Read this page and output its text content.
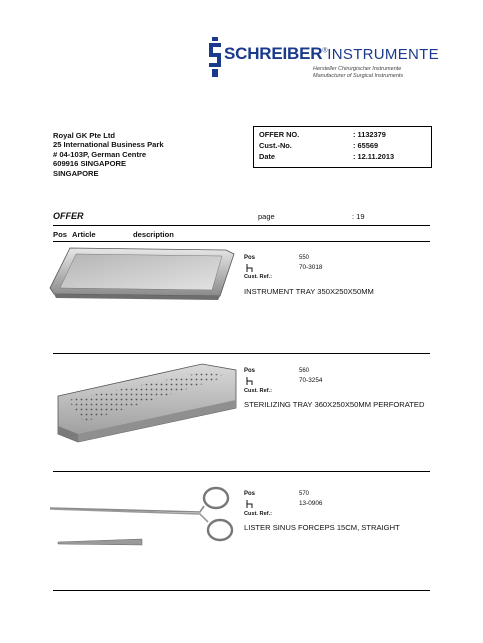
SCHREIBER®INSTRUMENTE
Hersteller Chirurgischer Instrumente
Manufacturer of Surgical Instruments
Royal GK Pte Ltd
25 International Business Park
# 04-103P, German Centre
609916 SINGAPORE
SINGAPORE
OFFER NO.	: 1132379
Cust.-No.	: 65569
Date	: 12.11.2013
OFFER	page	: 19
Pos Article	description
Pos	550
70-3018
Cust. Ref.:
INSTRUMENT TRAY 350X250X50MM
Pos	560
70-3254
Cust. Ref.:
STERILIZING TRAY 360X250X50MM PERFORATED
Pos	570
13-0906
Cust. Ref.:
LISTER SINUS FORCEPS 15CM, STRAIGHT
